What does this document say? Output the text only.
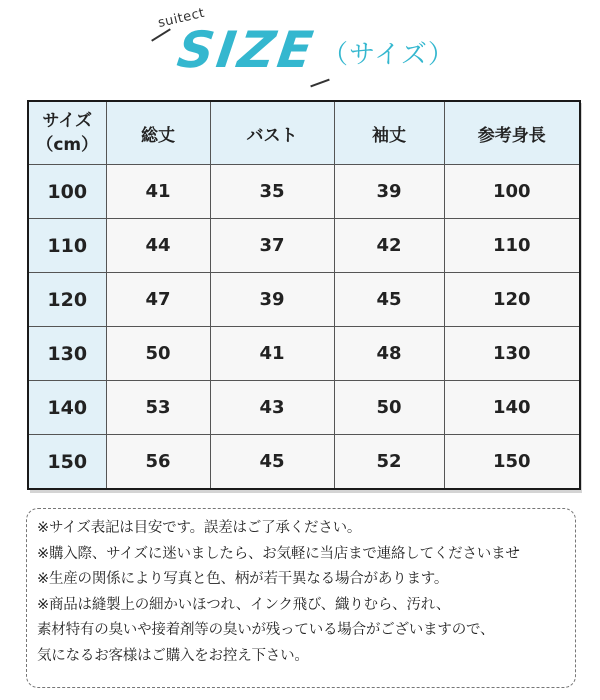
suitect
SIZE （サイズ）
サイズ
（cm）	総丈	バスト	袖丈	参考身長
100	41	35	39	100
110	44	37	42	110
120	47	39	45	120
130	50	41	48	130
140	53	43	50	140
150	56	45	52	150
※サイズ表記は目安です。誤差はご了承ください。
※購入際、サイズに迷いましたら、お気軽に当店まで連絡してくださいませ
※生産の関係により写真と色、柄が若干異なる場合があります。
※商品は縫製上の細かいほつれ、インク飛び、織りむら、汚れ、
素材特有の臭いや接着剤等の臭いが残っている場合がございますので、
気になるお客様はご購入をお控え下さい。
